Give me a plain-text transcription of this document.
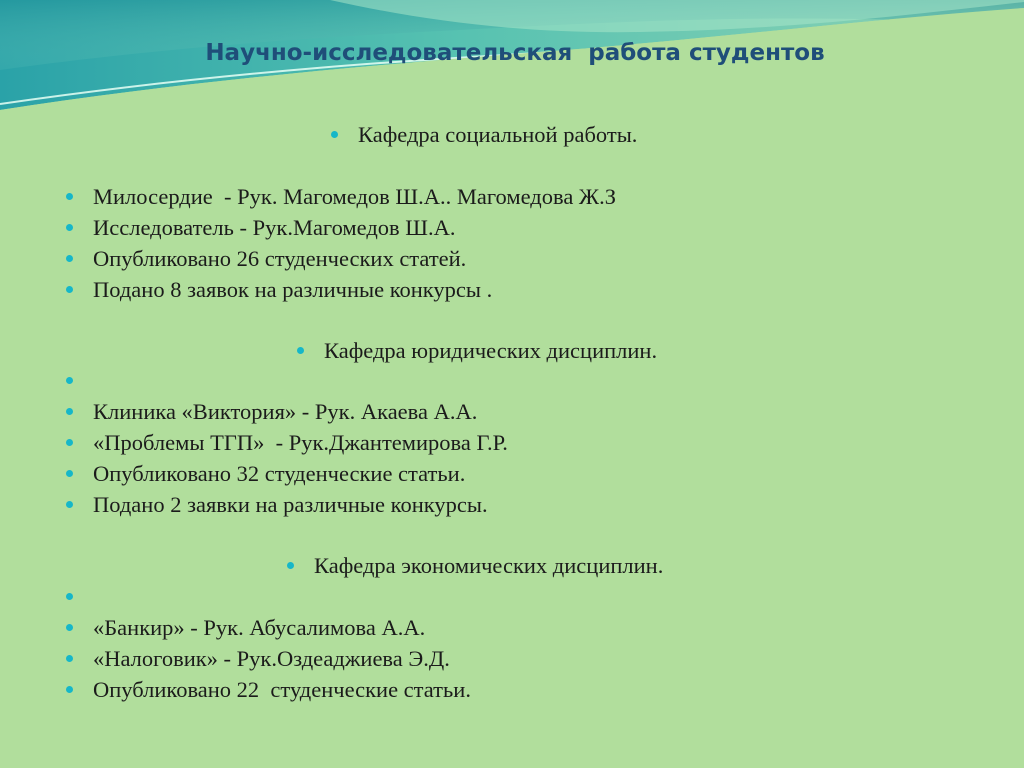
Научно-исследовательская  работа студентов
Кафедра социальной работы.
Милосердие  - Рук. Магомедов Ш.А.. Магомедова Ж.З
Исследователь - Рук.Магомедов Ш.А.
Опубликовано 26 студенческих статей.
Подано 8 заявок на различные конкурсы .
Кафедра юридических дисциплин.
Клиника «Виктория» - Рук. Акаева А.А.
«Проблемы ТГП»  - Рук.Джантемирова Г.Р.
Опубликовано 32 студенческие статьи.
Подано 2 заявки на различные конкурсы.
Кафедра экономических дисциплин.
«Банкир» - Рук. Абусалимова А.А.
«Налоговик» - Рук.Оздеаджиева Э.Д.
Опубликовано 22  студенческие статьи.
